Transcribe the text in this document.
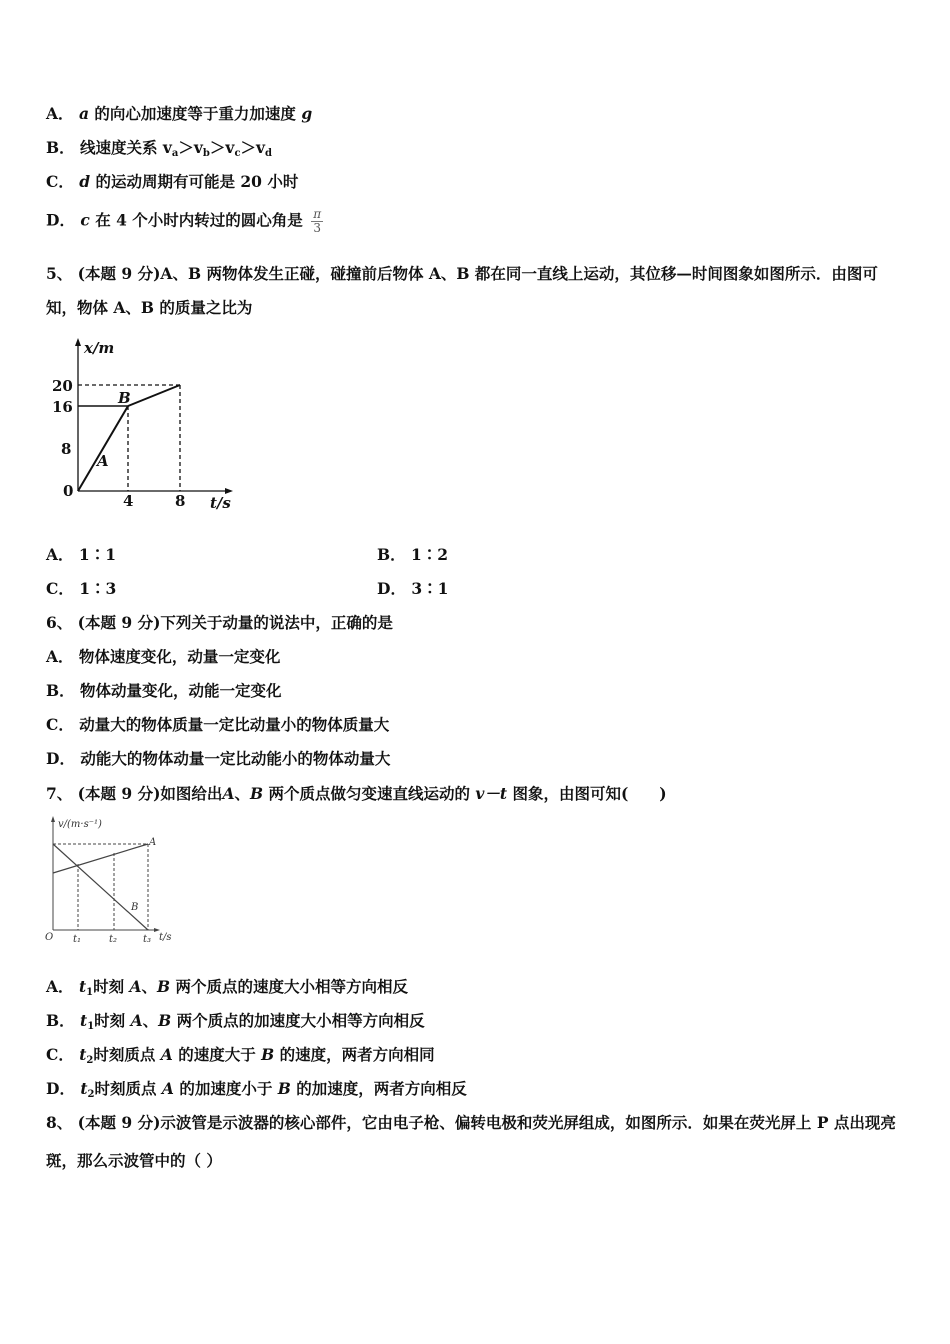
A． a 的向心加速度等于重力加速度 g
B． 线速度关系 $v_a>v_b>v_c>v_d$
C． d 的运动周期有可能是 20 小时
D． c 在 4 个小时内转过的圆心角是 $\frac{\pi}{3}$
5、 (本题 9 分)A、B 两物体发生正碰，碰撞前后物体 A、B 都在同一直线上运动，其位移—时间图象如图所示．由图可知，物体 A、B 的质量之比为
x/m
20
16
8
0
4	8 t/s
A
B
A． 1∶1	B． 1∶2
C． 1∶3	D． 3∶1
6、 (本题 9 分)下列关于动量的说法中，正确的是
A． 物体速度变化，动量一定变化
B． 物体动量变化，动能一定变化
C． 动量大的物体质量一定比动量小的物体质量大
D． 动能大的物体动量一定比动能小的物体动量大
7、 (本题 9 分)如图给出A、B 两个质点做匀变速直线运动的 v－t 图象，由图可知(　　)
v/(m·s⁻¹)
O t₁	t₂	t₃ t/s
A
B
A． $t_1$时刻 A、B 两个质点的速度大小相等方向相反
B． $t_1$时刻 A、B 两个质点的加速度大小相等方向相反
C． $t_2$时刻质点 A 的速度大于 B 的速度，两者方向相同
D． $t_2$时刻质点 A 的加速度小于 B 的加速度，两者方向相反
8、 (本题 9 分)示波管是示波器的核心部件，它由电子枪、偏转电极和荧光屏组成，如图所示．如果在荧光屏上 P 点出现亮斑，那么示波管中的（ ）
